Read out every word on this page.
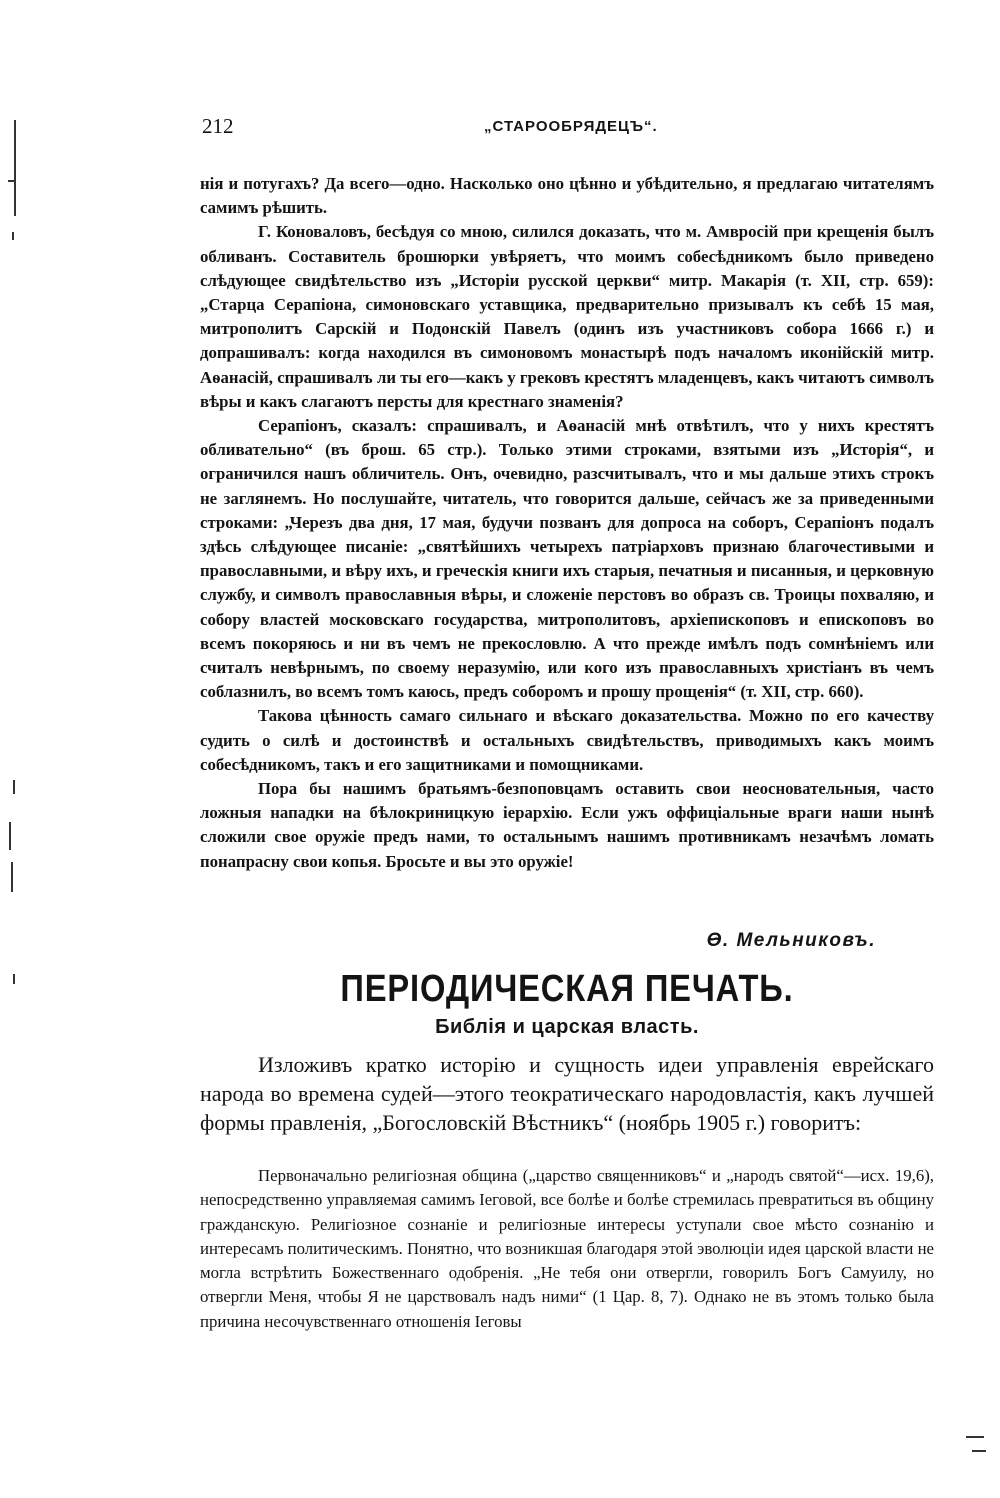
212	„СТАРООБРЯДЕЦЪ“.

нія и потугахъ? Да всего—одно. Насколько оно цѣнно и убѣдительно, я предлагаю читателямъ самимъ рѣшить.

Г. Коноваловъ, бесѣдуя со мною, силился доказать, что м. Амвросій при крещенія былъ обливанъ. Составитель брошюрки увѣряетъ, что моимъ собесѣдникомъ было приведено слѣдующее свидѣтельство изъ „Исторіи русской церкви“ митр. Макарія (т. XII, стр. 659): „Старца Серапіона, симоновскаго уставщика, предварительно призывалъ къ себѣ 15 мая, митрополитъ Сарскій и Подонскій Павелъ (одинъ изъ участниковъ собора 1666 г.) и допрашивалъ: когда находился въ симоновомъ монастырѣ подъ началомъ иконійскій митр. Аѳанасій, спрашивалъ ли ты его—какъ у грековъ крестятъ младенцевъ, какъ читаютъ символъ вѣры и какъ слагаютъ персты для крестнаго знаменія?

Серапіонъ, сказалъ: спрашивалъ, и Аѳанасій мнѣ отвѣтилъ, что у нихъ крестятъ обливательно“ (въ брош. 65 стр.). Только этими строками, взятыми изъ „Исторія“, и ограничился нашъ обличитель. Онъ, очевидно, разсчитывалъ, что и мы дальше этихъ строкъ не заглянемъ. Но послушайте, читатель, что говорится дальше, сейчасъ же за приведенными строками: „Черезъ два дня, 17 мая, будучи позванъ для допроса на соборъ, Серапіонъ подалъ здѣсь слѣдующее писаніе: „святѣйшихъ четырехъ патріарховъ признаю благочестивыми и православными, и вѣру ихъ, и греческія книги ихъ старыя, печатныя и писанныя, и церковную службу, и символъ православныя вѣры, и сложеніе перстовъ во образъ св. Троицы похваляю, и собору властей московскаго государства, митрополитовъ, архіепископовъ и епископовъ во всемъ покоряюсь и ни въ чемъ не прекословлю. А что прежде имѣлъ подъ сомнѣніемъ или считалъ невѣрнымъ, по своему неразумію, или кого изъ православныхъ христіанъ въ чемъ соблазнилъ, во всемъ томъ каюсь, предъ соборомъ и прошу прощенія“ (т. XII, стр. 660).

Такова цѣнность самаго сильнаго и вѣскаго доказательства. Можно по его качеству судить о силѣ и достоинствѣ и остальныхъ свидѣтельствъ, приводимыхъ какъ моимъ собесѣдникомъ, такъ и его защитниками и помощниками.

Пора бы нашимъ братьямъ-безпоповцамъ оставить свои неосновательныя, часто ложныя нападки на бѣлокриницкую іерархію. Если ужъ оффиціальные враги наши нынѣ сложили свое оружіе предъ нами, то остальнымъ нашимъ противникамъ незачѣмъ ломать понапрасну свои копья. Бросьте и вы это оружіе!

Ѳ. Мельниковъ.
ПЕРІОДИЧЕСКАЯ ПЕЧАТЬ.
Библія и царская власть.

Изложивъ кратко исторію и сущность идеи управленія еврейскаго народа во времена судей—этого теократическаго народовластія, какъ лучшей формы правленія, „Богословскій Вѣстникъ“ (ноябрь 1905 г.) говоритъ:

Первоначально религіозная община („царство священниковъ“ и „народъ святой“—исх. 19,6), непосредственно управляемая самимъ Іеговой, все болѣе и болѣе стремилась превратиться въ общину гражданскую. Религіозное сознаніе и религіозные интересы уступали свое мѣсто сознанію и интересамъ политическимъ. Понятно, что возникшая благодаря этой эволюціи идея царской власти не могла встрѣтить Божественнаго одобренія. „Не тебя они отвергли, говорилъ Богъ Самуилу, но отвергли Меня, чтобы Я не царствовалъ надъ ними“ (1 Цар. 8, 7). Однако не въ этомъ только была причина несочувственнаго отношенія Іеговы
